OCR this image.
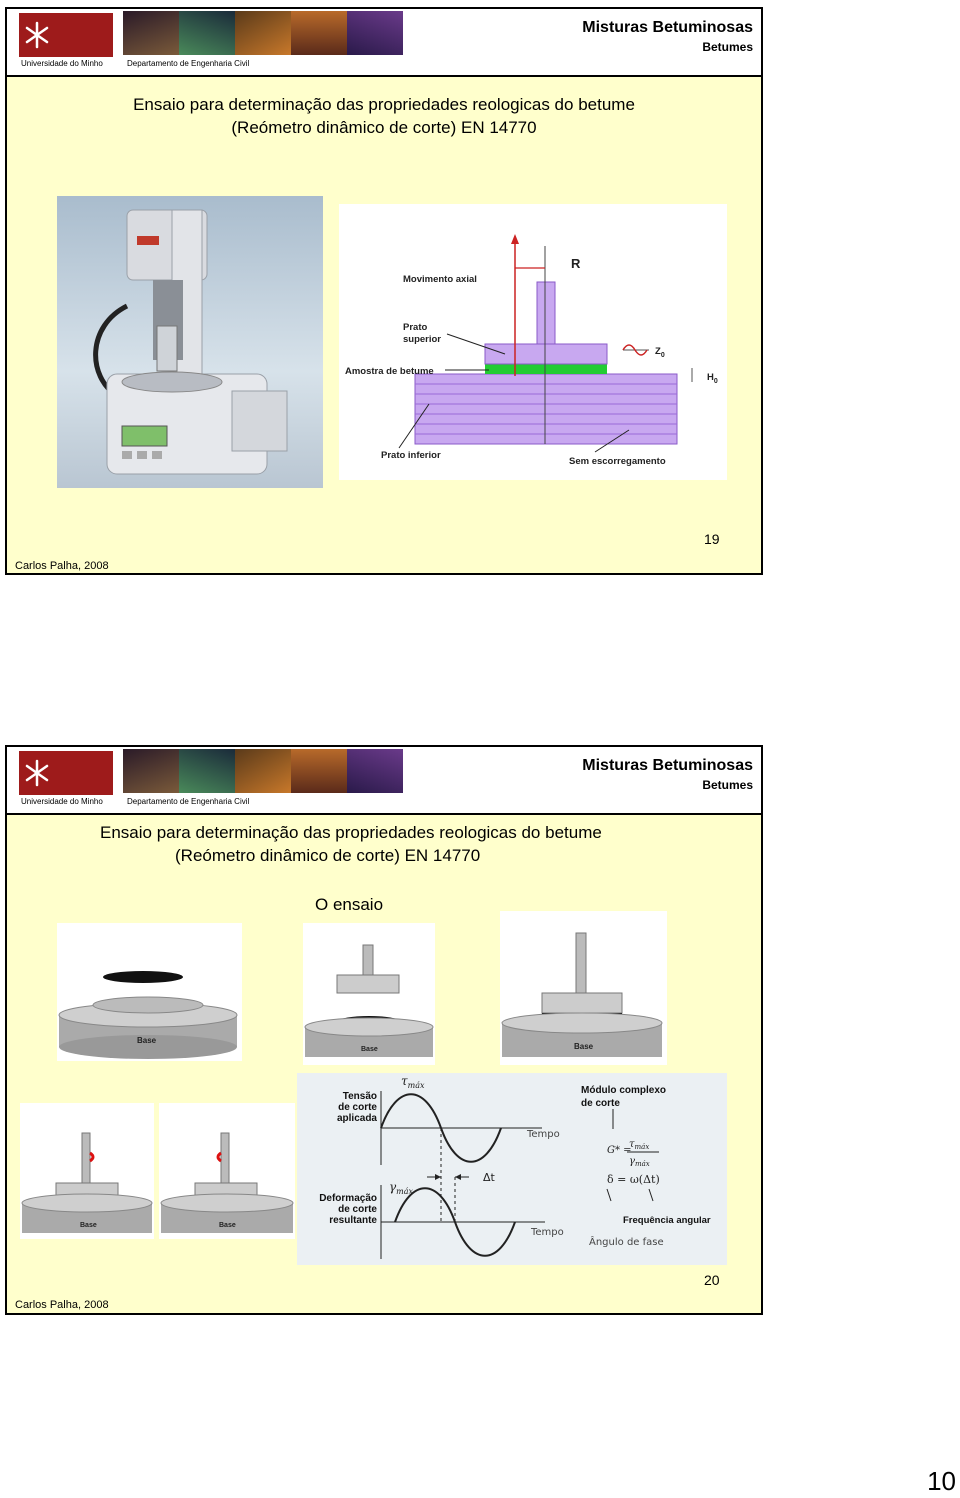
Universidade do Minho	Departamento de Engenharia Civil
Misturas Betuminosas
Betumes
Ensaio para determinação das propriedades reologicas do betume
(Reómetro dinâmico de corte) EN 14770
Movimento axial
R
Prato
superior
Amostra de betume
$Z_0$
$H_0$
Prato inferior
Sem escorregamento
19
Carlos Palha, 2008
Universidade do Minho	Departamento de Engenharia Civil
Misturas Betuminosas
Betumes
Ensaio para determinação das propriedades reologicas do betume
(Reómetro dinâmico de corte) EN 14770
O ensaio
Base
Base	Base
Base	Base
$\tau_{máx}$
Tempo
$\gamma_{máx}$
Δt
Tempo
G* =
$\tau_{máx}$
$\gamma_{máx}$
δ = ω(Δt)
Ângulo de fase
Frequência angular
Módulo complexo
de corte
Tensão
de corte
aplicada
Deformação
de corte
resultante
20
Carlos Palha, 2008
10
